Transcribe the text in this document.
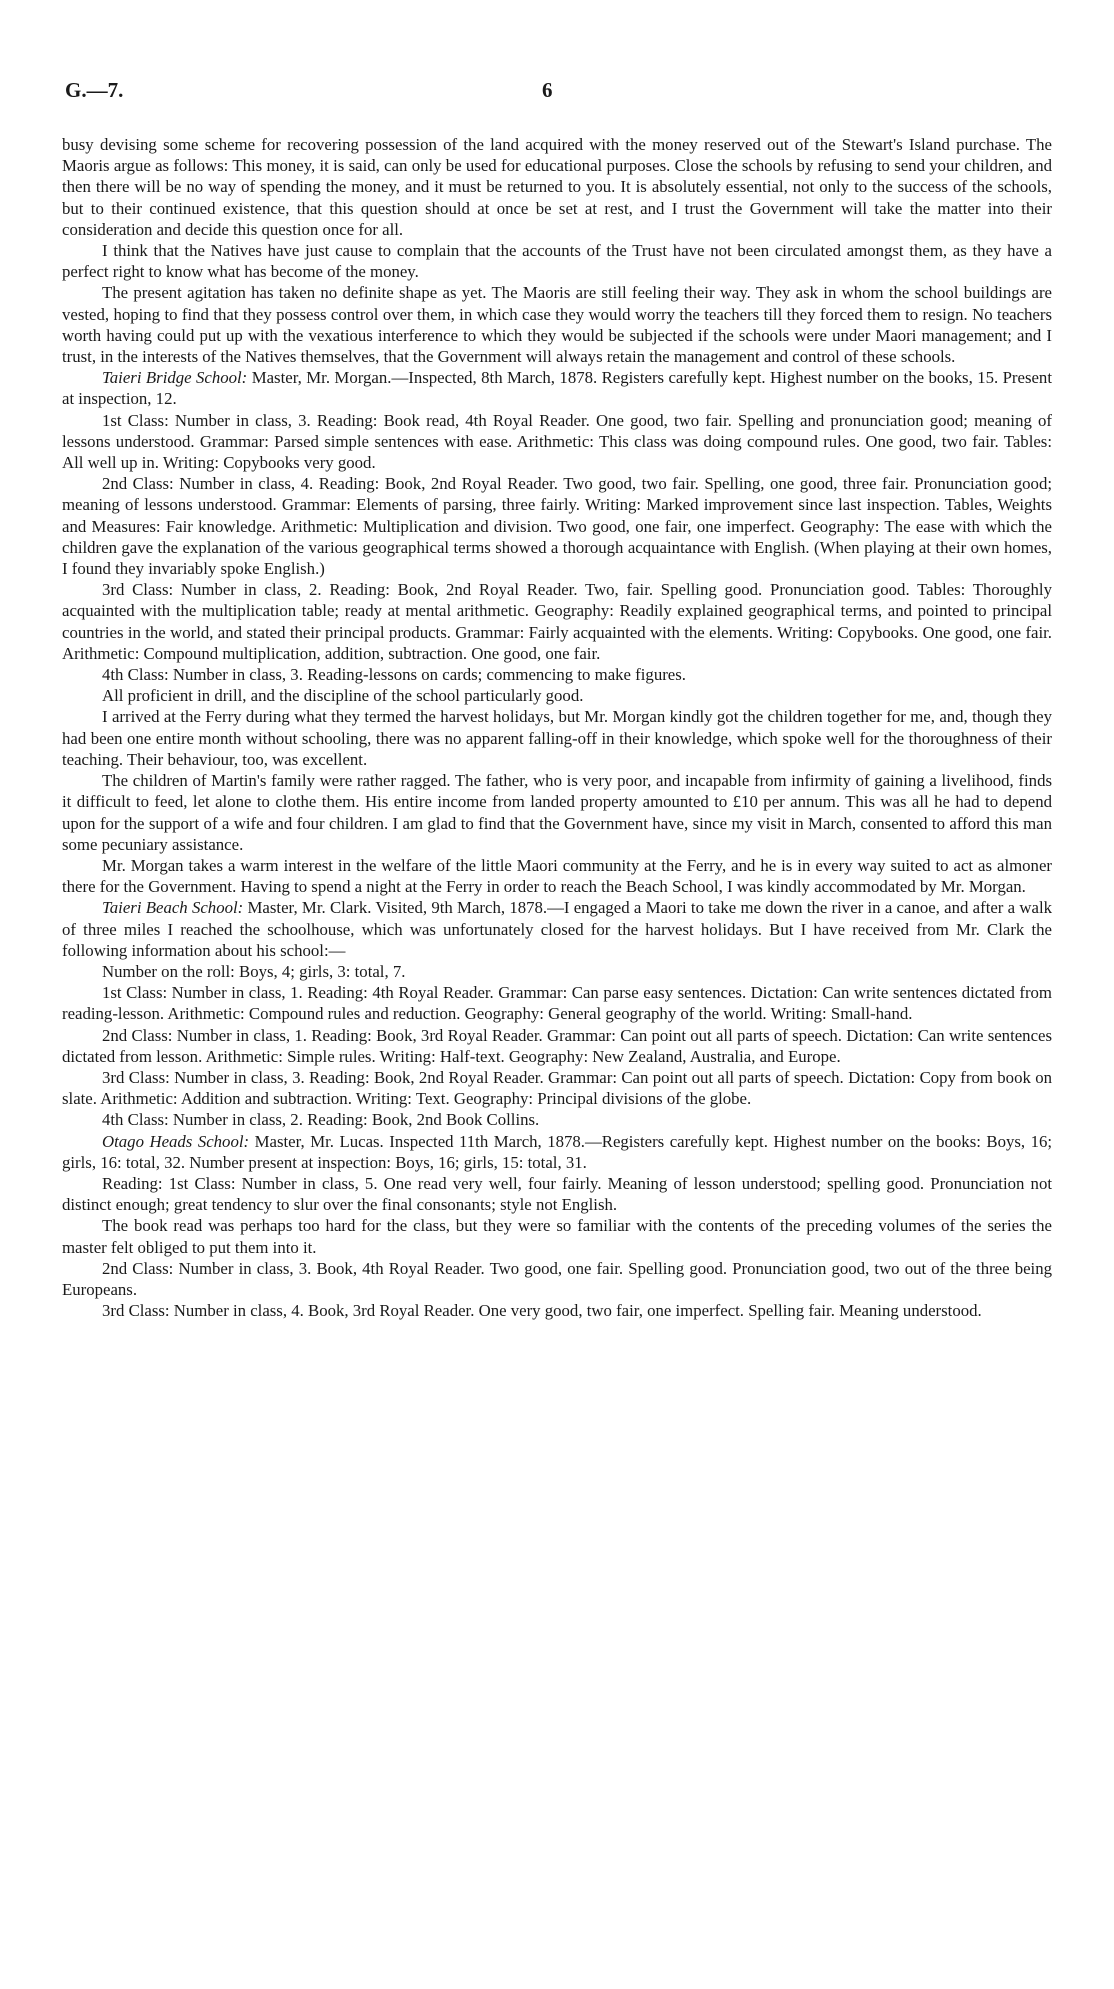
G.—7.	6

busy devising some scheme for recovering possession of the land acquired with the money reserved out of the Stewart's Island purchase. The Maoris argue as follows: This money, it is said, can only be used for educational purposes. Close the schools by refusing to send your children, and then there will be no way of spending the money, and it must be returned to you. It is absolutely essential, not only to the success of the schools, but to their continued existence, that this question should at once be set at rest, and I trust the Government will take the matter into their consideration and decide this question once for all.

I think that the Natives have just cause to complain that the accounts of the Trust have not been circulated amongst them, as they have a perfect right to know what has become of the money.

The present agitation has taken no definite shape as yet. The Maoris are still feeling their way. They ask in whom the school buildings are vested, hoping to find that they possess control over them, in which case they would worry the teachers till they forced them to resign. No teachers worth having could put up with the vexatious interference to which they would be subjected if the schools were under Maori management; and I trust, in the interests of the Natives themselves, that the Government will always retain the management and control of these schools.

Taieri Bridge School: Master, Mr. Morgan.—Inspected, 8th March, 1878. Registers carefully kept. Highest number on the books, 15. Present at inspection, 12.

1st Class: Number in class, 3. Reading: Book read, 4th Royal Reader. One good, two fair. Spelling and pronunciation good; meaning of lessons understood. Grammar: Parsed simple sentences with ease. Arithmetic: This class was doing compound rules. One good, two fair. Tables: All well up in. Writing: Copybooks very good.

2nd Class: Number in class, 4. Reading: Book, 2nd Royal Reader. Two good, two fair. Spelling, one good, three fair. Pronunciation good; meaning of lessons understood. Grammar: Elements of parsing, three fairly. Writing: Marked improvement since last inspection. Tables, Weights and Measures: Fair knowledge. Arithmetic: Multiplication and division. Two good, one fair, one imperfect. Geography: The ease with which the children gave the explanation of the various geographical terms showed a thorough acquaintance with English. (When playing at their own homes, I found they invariably spoke English.)

3rd Class: Number in class, 2. Reading: Book, 2nd Royal Reader. Two, fair. Spelling good. Pronunciation good. Tables: Thoroughly acquainted with the multiplication table; ready at mental arithmetic. Geography: Readily explained geographical terms, and pointed to principal countries in the world, and stated their principal products. Grammar: Fairly acquainted with the elements. Writing: Copybooks. One good, one fair. Arithmetic: Compound multiplication, addition, subtraction. One good, one fair.

4th Class: Number in class, 3. Reading-lessons on cards; commencing to make figures.

All proficient in drill, and the discipline of the school particularly good.

I arrived at the Ferry during what they termed the harvest holidays, but Mr. Morgan kindly got the children together for me, and, though they had been one entire month without schooling, there was no apparent falling-off in their knowledge, which spoke well for the thoroughness of their teaching. Their behaviour, too, was excellent.

The children of Martin's family were rather ragged. The father, who is very poor, and incapable from infirmity of gaining a livelihood, finds it difficult to feed, let alone to clothe them. His entire income from landed property amounted to £10 per annum. This was all he had to depend upon for the support of a wife and four children. I am glad to find that the Government have, since my visit in March, consented to afford this man some pecuniary assistance.

Mr. Morgan takes a warm interest in the welfare of the little Maori community at the Ferry, and he is in every way suited to act as almoner there for the Government. Having to spend a night at the Ferry in order to reach the Beach School, I was kindly accommodated by Mr. Morgan.

Taieri Beach School: Master, Mr. Clark. Visited, 9th March, 1878.—I engaged a Maori to take me down the river in a canoe, and after a walk of three miles I reached the schoolhouse, which was unfortunately closed for the harvest holidays. But I have received from Mr. Clark the following information about his school:—

Number on the roll: Boys, 4; girls, 3: total, 7.

1st Class: Number in class, 1. Reading: 4th Royal Reader. Grammar: Can parse easy sentences. Dictation: Can write sentences dictated from reading-lesson. Arithmetic: Compound rules and reduction. Geography: General geography of the world. Writing: Small-hand.

2nd Class: Number in class, 1. Reading: Book, 3rd Royal Reader. Grammar: Can point out all parts of speech. Dictation: Can write sentences dictated from lesson. Arithmetic: Simple rules. Writing: Half-text. Geography: New Zealand, Australia, and Europe.

3rd Class: Number in class, 3. Reading: Book, 2nd Royal Reader. Grammar: Can point out all parts of speech. Dictation: Copy from book on slate. Arithmetic: Addition and subtraction. Writing: Text. Geography: Principal divisions of the globe.

4th Class: Number in class, 2. Reading: Book, 2nd Book Collins.

Otago Heads School: Master, Mr. Lucas. Inspected 11th March, 1878.—Registers carefully kept. Highest number on the books: Boys, 16; girls, 16: total, 32. Number present at inspection: Boys, 16; girls, 15: total, 31.

Reading: 1st Class: Number in class, 5. One read very well, four fairly. Meaning of lesson understood; spelling good. Pronunciation not distinct enough; great tendency to slur over the final consonants; style not English.

The book read was perhaps too hard for the class, but they were so familiar with the contents of the preceding volumes of the series the master felt obliged to put them into it.

2nd Class: Number in class, 3. Book, 4th Royal Reader. Two good, one fair. Spelling good. Pronunciation good, two out of the three being Europeans.

3rd Class: Number in class, 4. Book, 3rd Royal Reader. One very good, two fair, one imperfect. Spelling fair. Meaning understood.
